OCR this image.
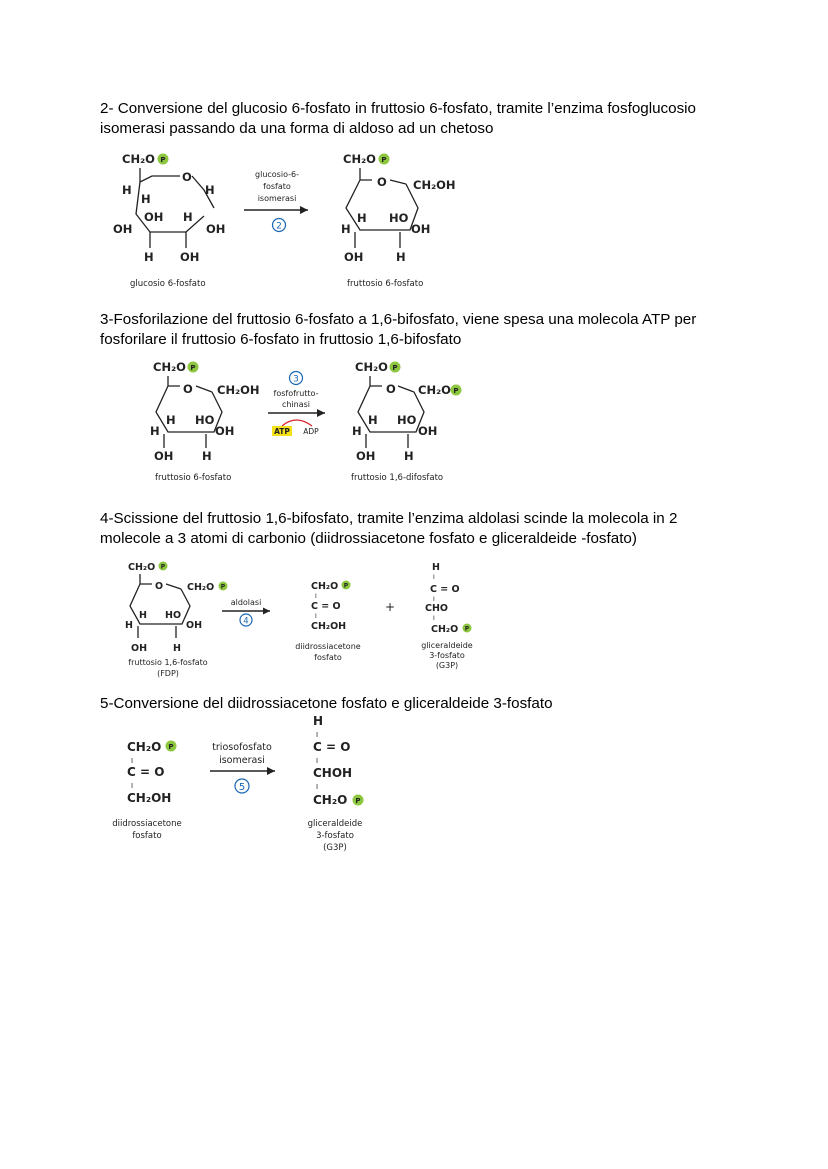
2- Conversione del glucosio 6-fosfato in fruttosio 6-fosfato, tramite l’enzima fosfoglucosio isomerasi passando da una forma di aldoso ad un chetoso

CH₂O P
O
H
H
H
OH H
OH	OH
H OH
glucosio 6-fosfato
glucosio-6-
fosfato
isomerasi
2
CH₂O P
O CH₂OH
H HO
H	OH
OH	H
fruttosio 6-fosfato

3-Fosforilazione del fruttosio 6-fosfato a 1,6-bifosfato, viene spesa una molecola ATP per fosforilare il fruttosio 6-fosfato in fruttosio 1,6-bifosfato

CH₂O P
O CH₂OH
H HO
H	OH
OH H
fruttosio 6-fosfato
3
fosfofrutto-
chinasi
ATP ADP
CH₂O P
O CH₂O P
H HO
H	OH
OH H
fruttosio 1,6-difosfato

4-Scissione del fruttosio 1,6-bifosfato, tramite l’enzima aldolasi scinde la molecola in 2 molecole a 3 atomi di carbonio (diidrossiacetone fosfato e gliceraldeide -fosfato)

CH₂O P
O	CH₂O P
H HO
H	OH
OH	H
fruttosio 1,6-fosfato
(FDP)
aldolasi
4
CH₂O P
I
C = O
I
CH₂OH
diidrossiacetone
fosfato
+
H
I
C = O
I
CHO
I
CH₂O P
gliceraldeide
3-fosfato
(G3P)

5-Conversione del diidrossiacetone fosfato e gliceraldeide 3-fosfato

CH₂O P
I
C = O
I
CH₂OH
diidrossiacetone
fosfato
triosofosfato
isomerasi
5
H
I
C = O
I
CHOH
I
CH₂O P
gliceraldeide
3-fosfato
(G3P)
